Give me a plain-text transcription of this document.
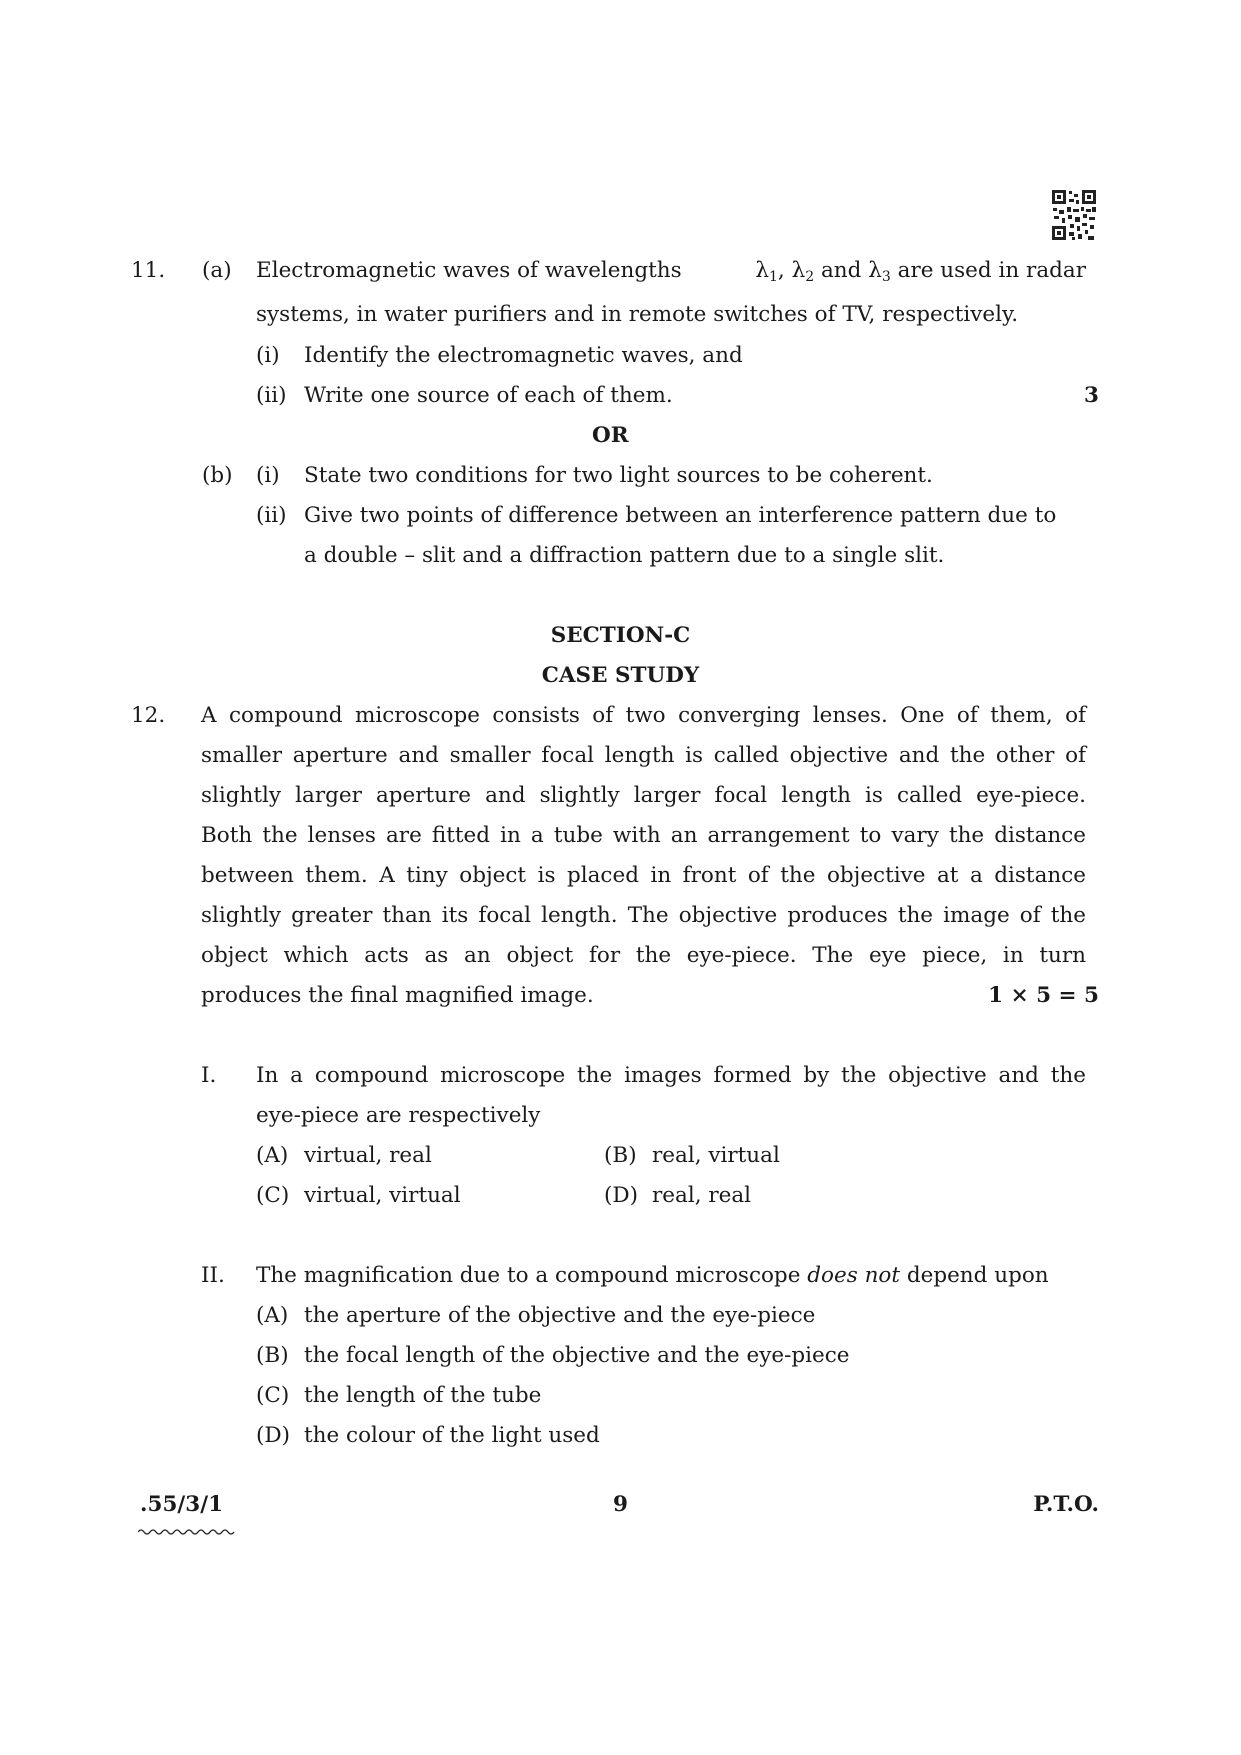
11. (a) Electromagnetic waves of wavelengths	$\lambda_1$, $\lambda_2$ and $\lambda_3$ are used in radar
systems, in water purifiers and in remote switches of TV, respectively.
(i) Identify the electromagnetic waves, and
(ii) Write one source of each of them.	3
OR
(b) (i) State two conditions for two light sources to be coherent.
(ii) Give two points of difference between an interference pattern due to
a double – slit and a diffraction pattern due to a single slit.
SECTION-C
CASE STUDY
12. A compound microscope consists of two converging lenses. One of them, of
smaller aperture and smaller focal length is called objective and the other of
slightly larger aperture and slightly larger focal length is called eye-piece.
Both the lenses are fitted in a tube with an arrangement to vary the distance
between them. A tiny object is placed in front of the objective at a distance
slightly greater than its focal length. The objective produces the image of the
object which acts as an object for the eye-piece. The eye piece, in turn
produces the final magnified image.	1 × 5 = 5
I. In a compound microscope the images formed by the objective and the
eye-piece are respectively
(A) virtual, real	(B) real, virtual
(C) virtual, virtual	(D) real, real
II. The magnification due to a compound microscope does not depend upon
(A) the aperture of the objective and the eye-piece
(B) the focal length of the objective and the eye-piece
(C) the length of the tube
(D) the colour of the light used
.55/3/1	9	P.T.O.
